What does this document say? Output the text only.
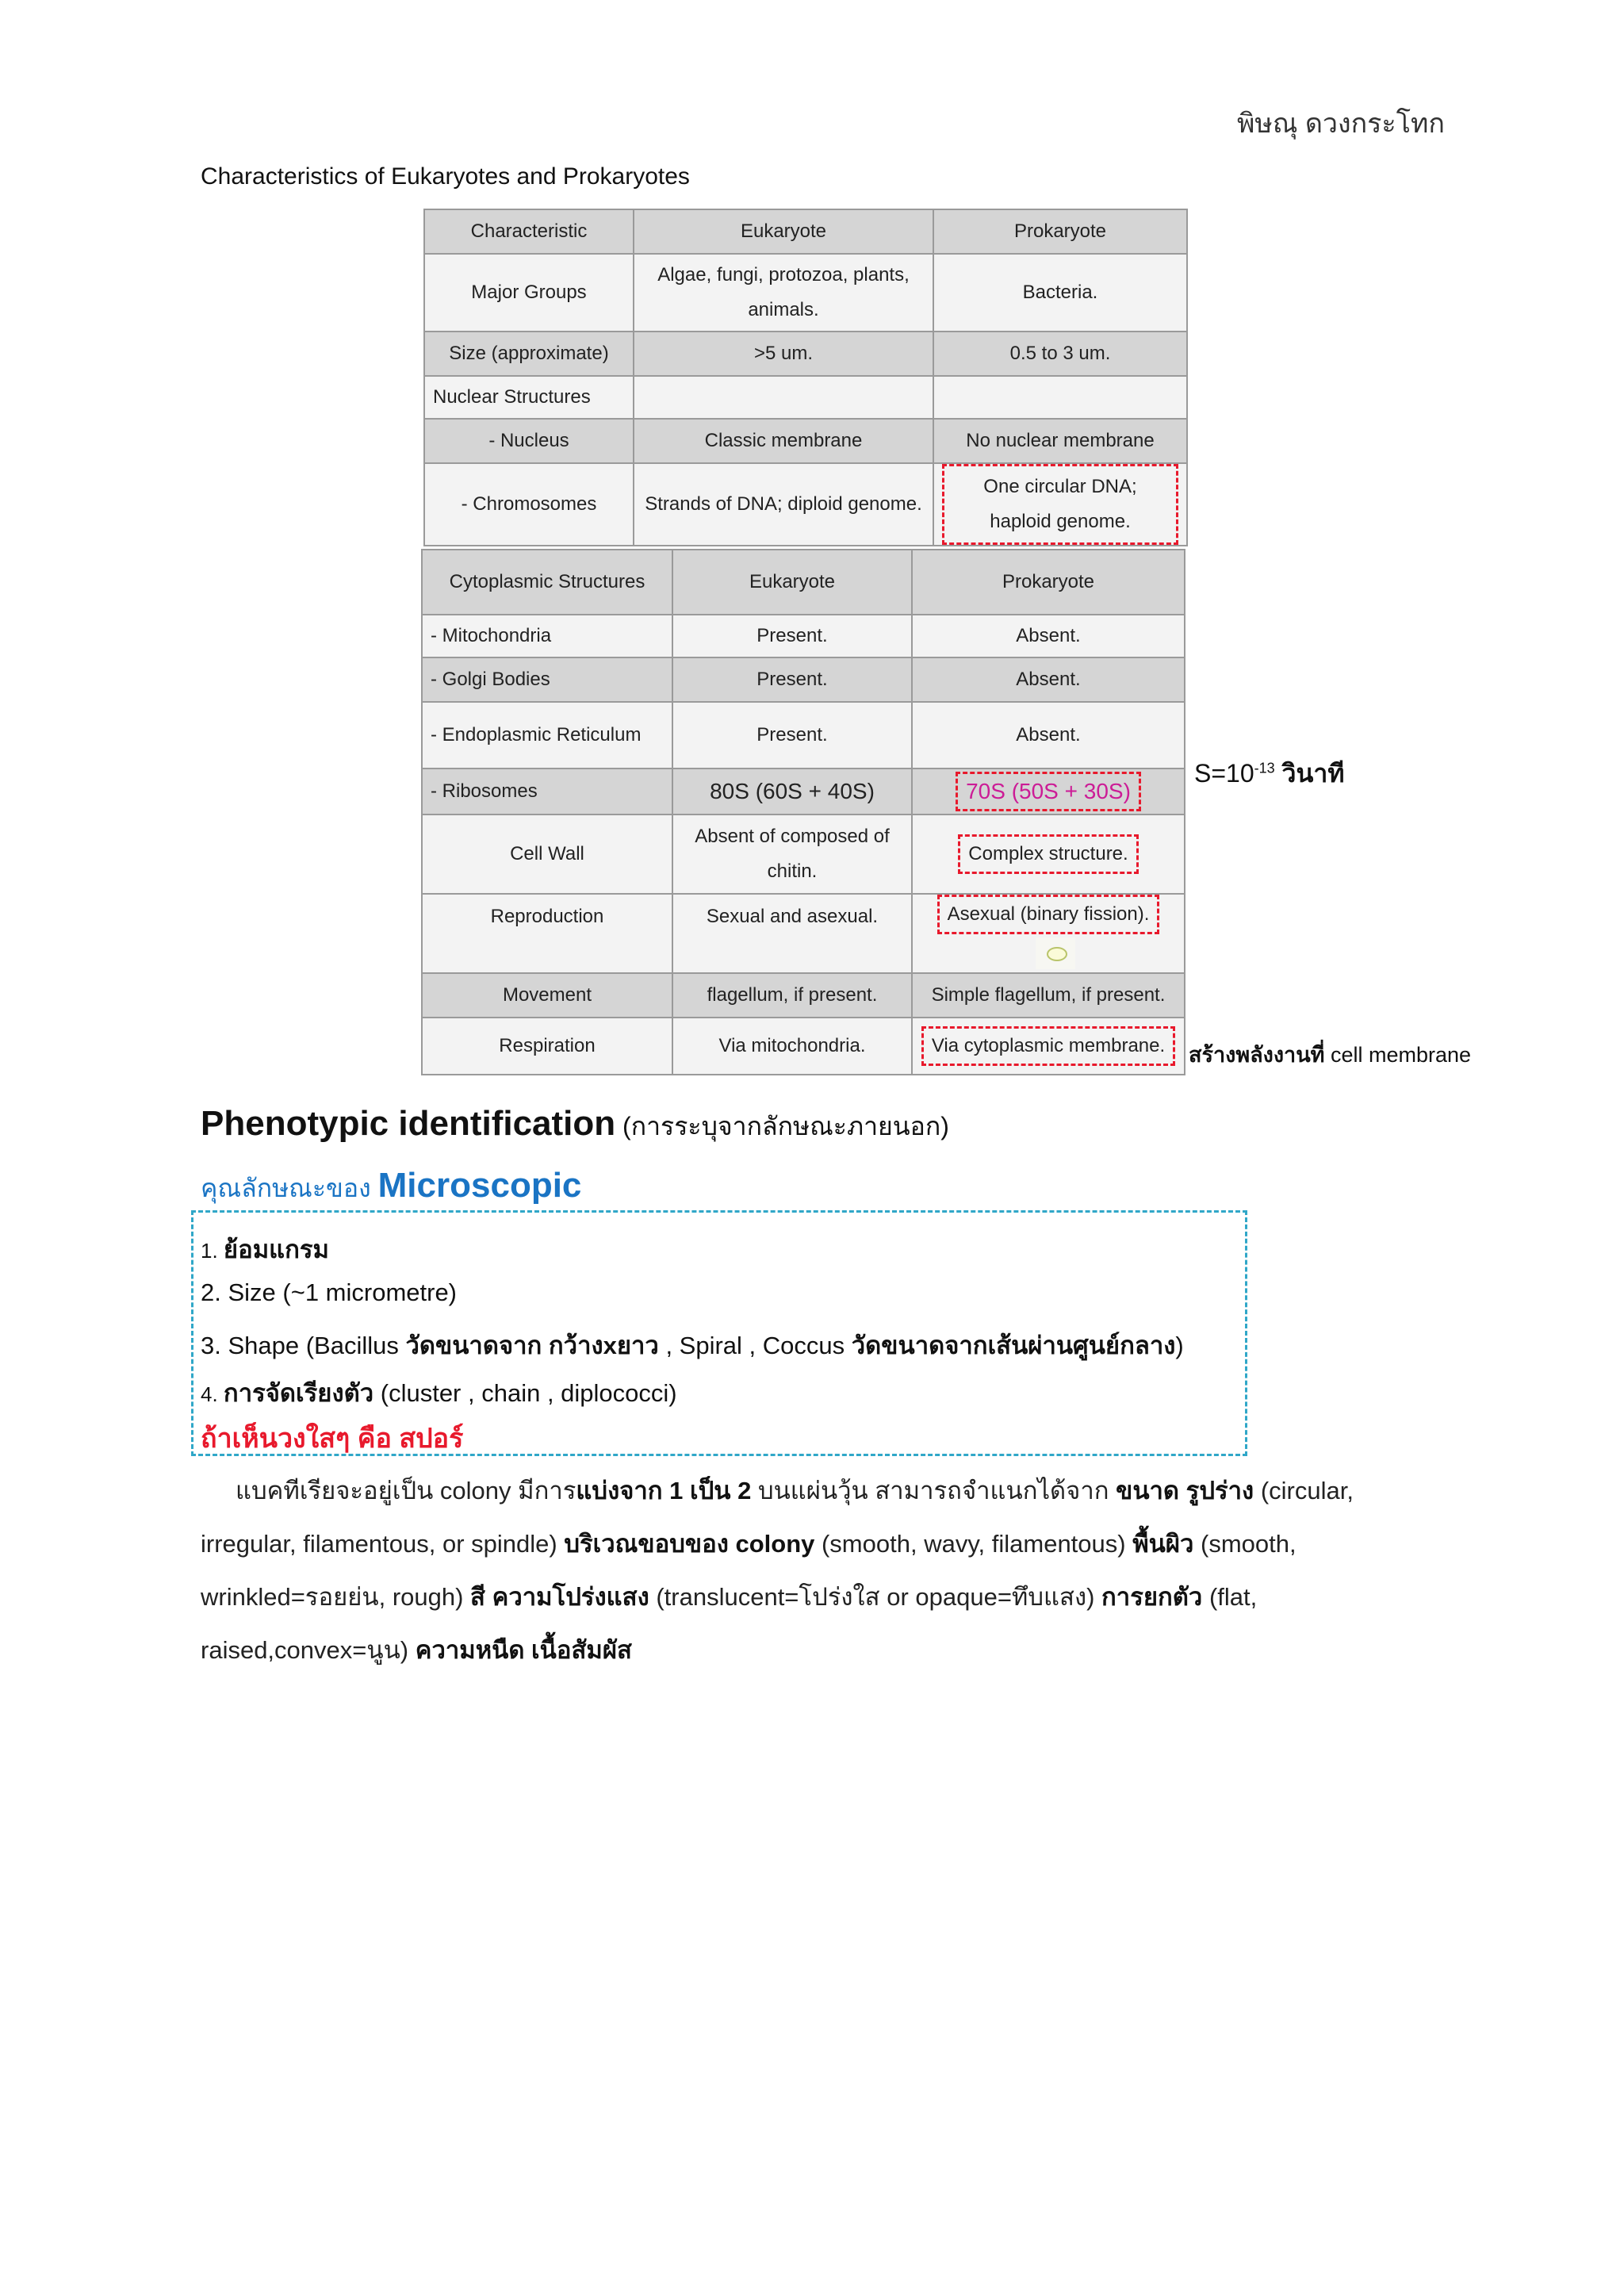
พิษณุ ดวงกระโทก
Characteristics of Eukaryotes and Prokaryotes
Characteristic	Eukaryote	Prokaryote
Major Groups	Algae, fungi, protozoa, plants, animals.	Bacteria.
Size (approximate)	>5 um.	0.5 to 3 um.
Nuclear Structures		
- Nucleus	Classic membrane	No nuclear membrane
- Chromosomes	Strands of DNA; diploid genome.	One circular DNA; haploid genome.
Cytoplasmic Structures	Eukaryote	Prokaryote
- Mitochondria	Present.	Absent.
- Golgi Bodies	Present.	Absent.
- Endoplasmic Reticulum	Present.	Absent.
- Ribosomes	80S (60S + 40S)	70S (50S + 30S)
Cell Wall	Absent of composed of chitin.	Complex structure.
Reproduction	Sexual and asexual.	Asexual (binary fission).
Movement	flagellum, if present.	Simple flagellum, if present.
Respiration	Via mitochondria.	Via cytoplasmic membrane.
$S=10^{-13}$ วินาที
สร้างพลังงานที่ cell membrane
Phenotypic identification (การระบุจากลักษณะภายนอก)
คุณลักษณะของ Microscopic
1. ย้อมแกรม
2. Size (~1 micrometre)
3. Shape (Bacillus วัดขนาดจาก กว้างxยาว , Spiral , Coccus วัดขนาดจากเส้นผ่านศูนย์กลาง)
4. การจัดเรียงตัว (cluster , chain , diplococci)
ถ้าเห็นวงใสๆ คือ สปอร์
แบคทีเรียจะอยู่เป็น colony มีการแบ่งจาก 1 เป็น 2 บนแผ่นวุ้น สามารถจำแนกได้จาก ขนาด รูปร่าง (circular, irregular, filamentous, or spindle) บริเวณขอบของ colony (smooth, wavy, filamentous) พื้นผิว (smooth, wrinkled=รอยย่น, rough) สี ความโปร่งแสง (translucent=โปร่งใส or opaque=ทึบแสง) การยกตัว (flat, raised,convex=นูน) ความหนืด เนื้อสัมผัส
